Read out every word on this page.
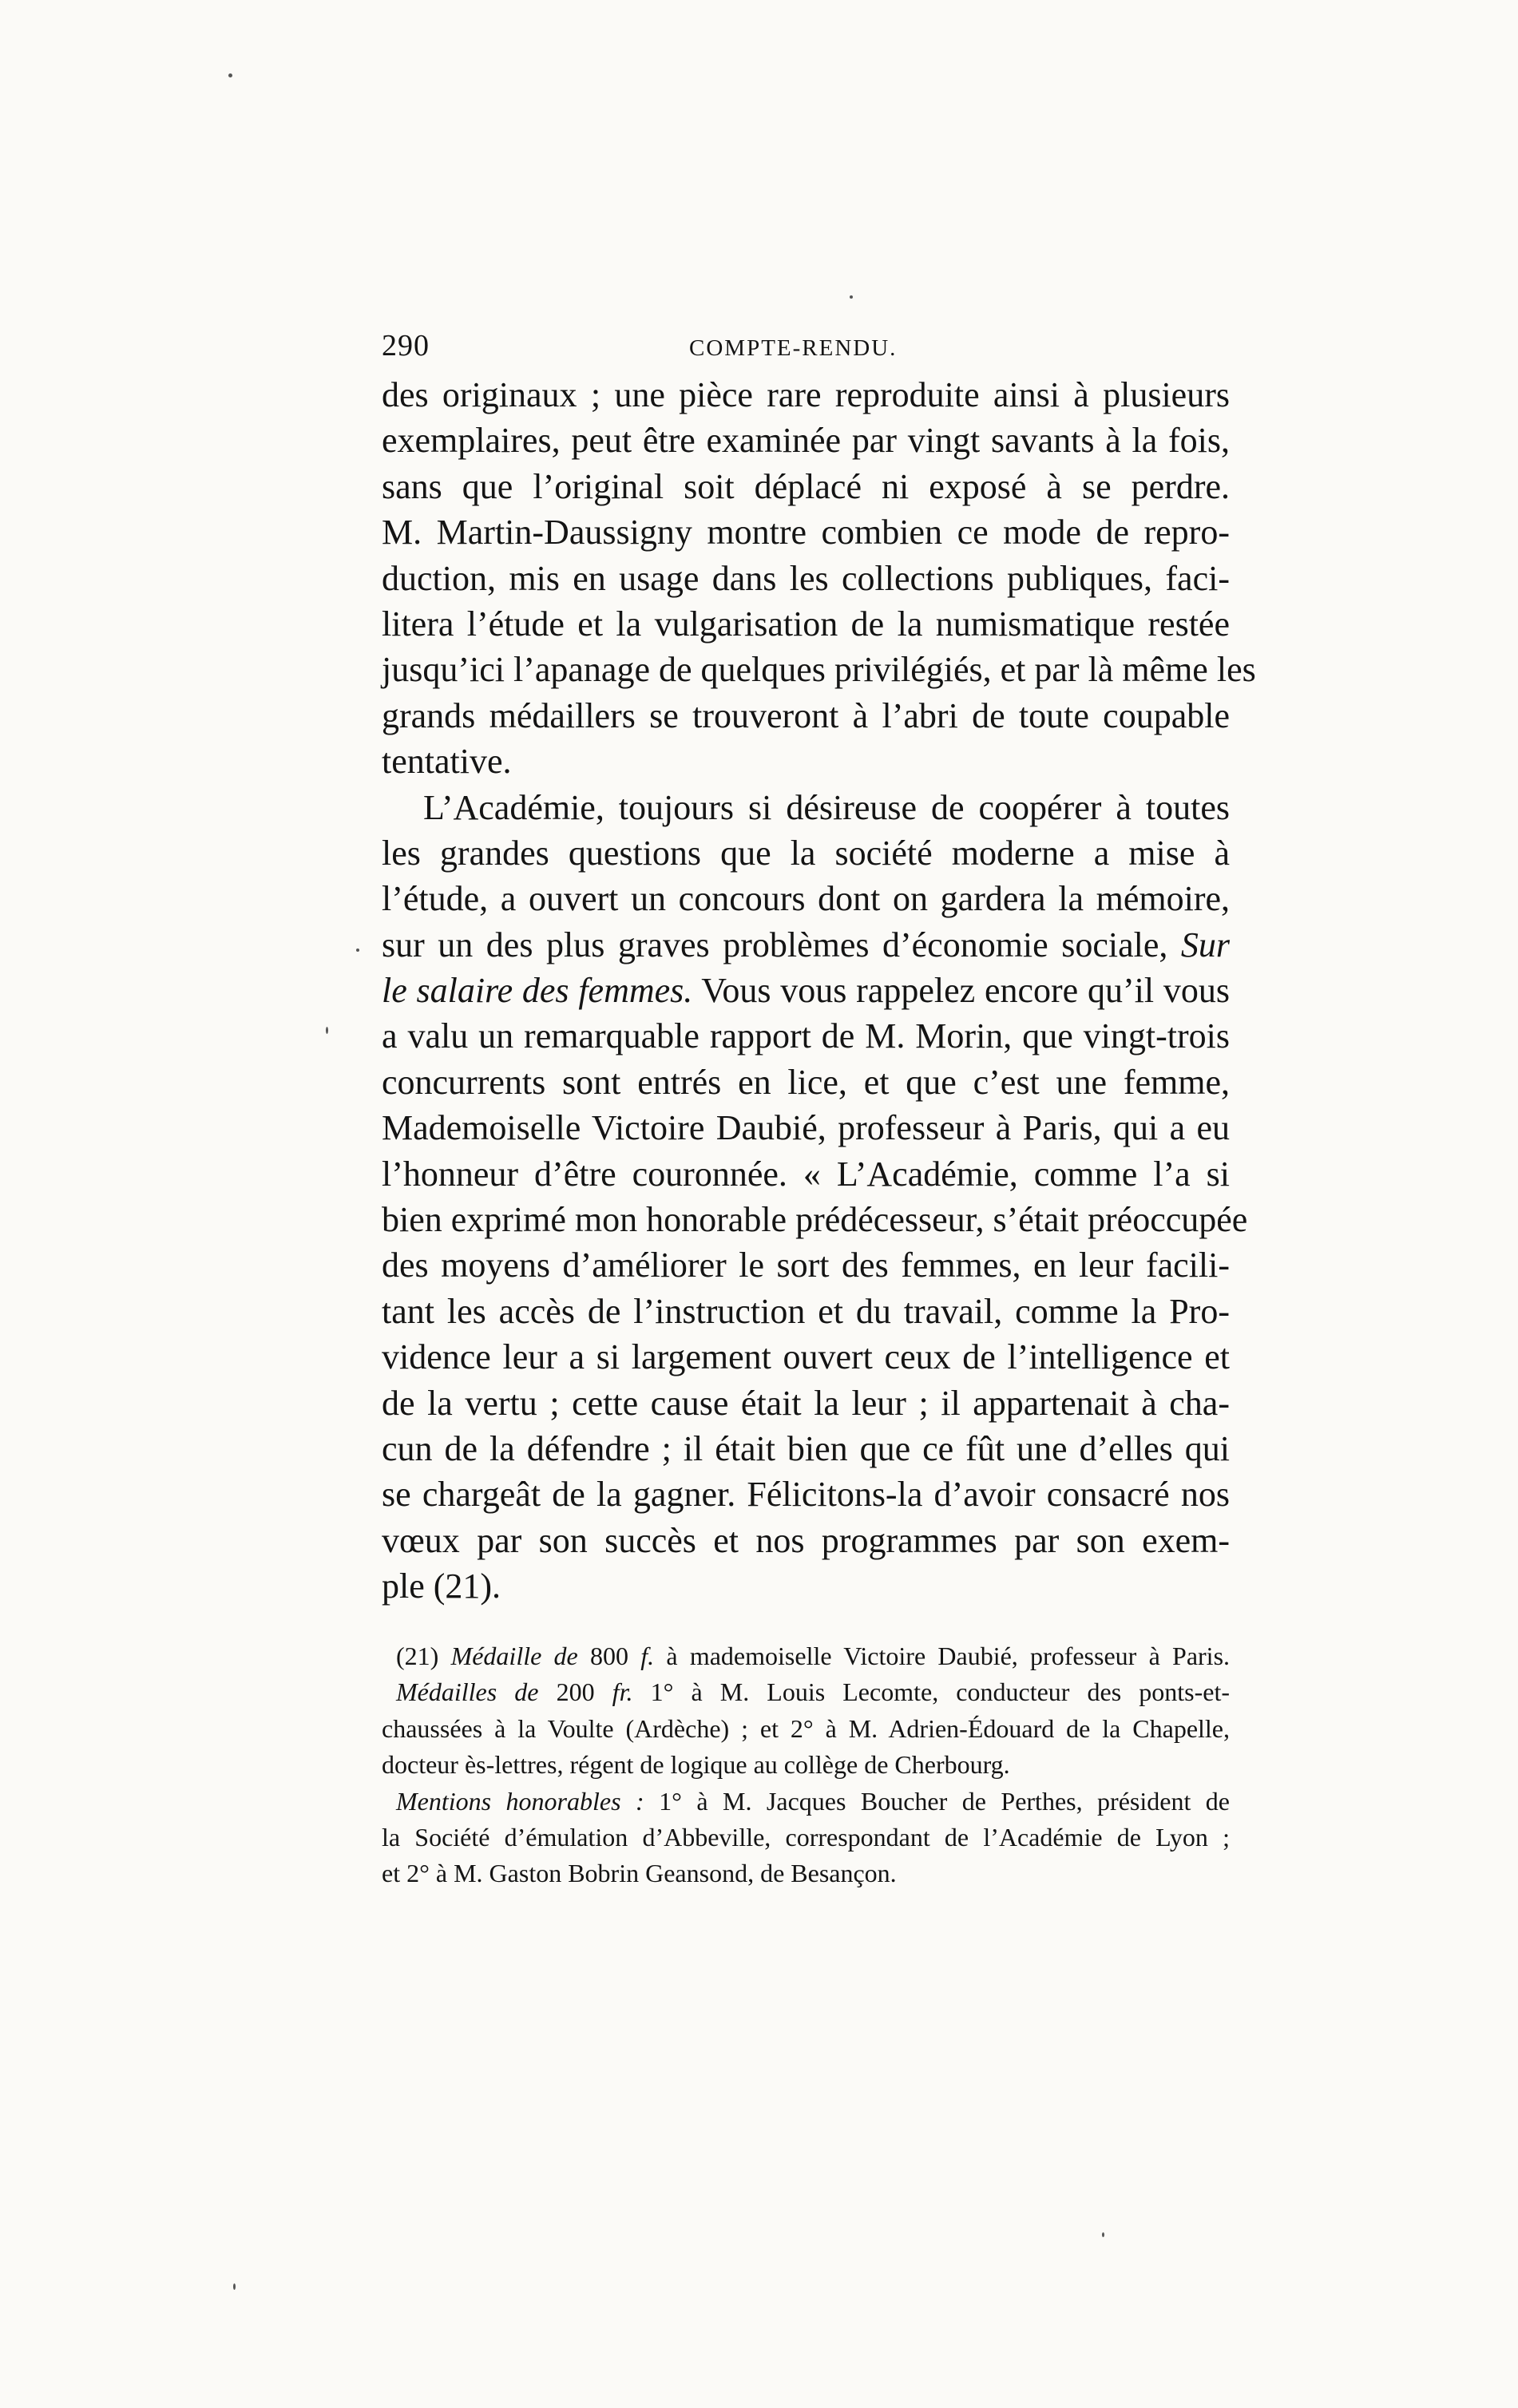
290	COMPTE-RENDU.
des originaux ; une pièce rare reproduite ainsi à plusieurs
exemplaires, peut être examinée par vingt savants à la fois,
sans que l’original soit déplacé ni exposé à se perdre.
M. Martin-Daussigny montre combien ce mode de repro-
duction, mis en usage dans les collections publiques, faci-
litera l’étude et la vulgarisation de la numismatique restée
jusqu’ici l’apanage de quelques privilégiés, et par là même les
grands médaillers se trouveront à l’abri de toute coupable
tentative.
L’Académie, toujours si désireuse de coopérer à toutes
les grandes questions que la société moderne a mise à
l’étude, a ouvert un concours dont on gardera la mémoire,
sur un des plus graves problèmes d’économie sociale, Sur
le salaire des femmes. Vous vous rappelez encore qu’il vous
a valu un remarquable rapport de M. Morin, que vingt-trois
concurrents sont entrés en lice, et que c’est une femme,
Mademoiselle Victoire Daubié, professeur à Paris, qui a eu
l’honneur d’être couronnée. « L’Académie, comme l’a si
bien exprimé mon honorable prédécesseur, s’était préoccupée
des moyens d’améliorer le sort des femmes, en leur facili-
tant les accès de l’instruction et du travail, comme la Pro-
vidence leur a si largement ouvert ceux de l’intelligence et
de la vertu ; cette cause était la leur ; il appartenait à cha-
cun de la défendre ; il était bien que ce fût une d’elles qui
se chargeât de la gagner. Félicitons-la d’avoir consacré nos
vœux par son succès et nos programmes par son exem-
ple (21).
(21) Médaille de 800 f. à mademoiselle Victoire Daubié, professeur à Paris.
Médailles de 200 fr. 1° à M. Louis Lecomte, conducteur des ponts-et-
chaussées à la Voulte (Ardèche) ; et 2° à M. Adrien-Édouard de la Chapelle,
docteur ès-lettres, régent de logique au collège de Cherbourg.
Mentions honorables : 1° à M. Jacques Boucher de Perthes, président de
la Société d’émulation d’Abbeville, correspondant de l’Académie de Lyon ;
et 2° à M. Gaston Bobrin Geansond, de Besançon.
